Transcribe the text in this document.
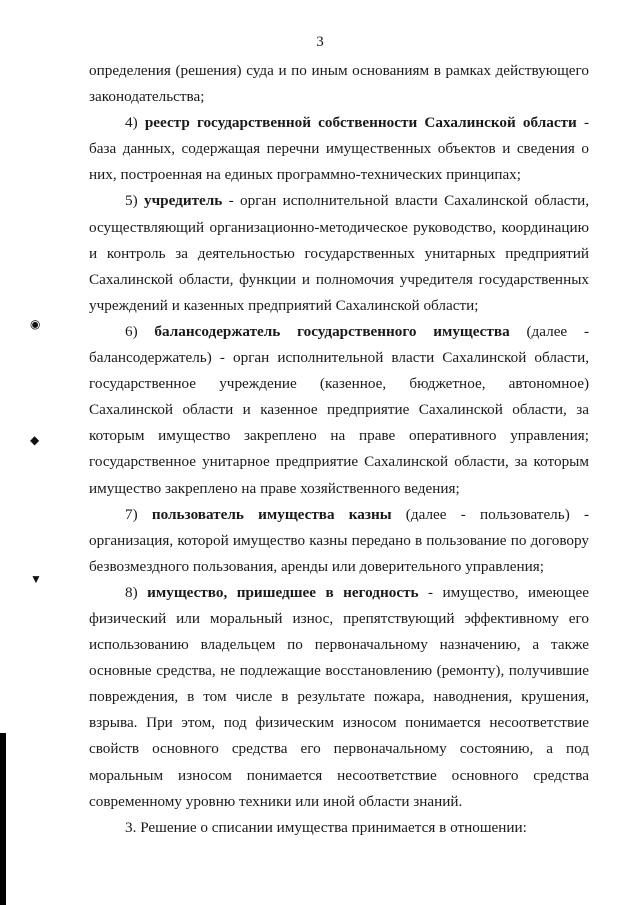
3

определения (решения) суда и по иным основаниям в рамках действующего законодательства;

4) реестр государственной собственности Сахалинской области - база данных, содержащая перечни имущественных объектов и сведения о них, построенная на единых программно-технических принципах;

5) учредитель - орган исполнительной власти Сахалинской области, осуществляющий организационно-методическое руководство, координацию и контроль за деятельностью государственных унитарных предприятий Сахалинской области, функции и полномочия учредителя государственных учреждений и казенных предприятий Сахалинской области;

6) балансодержатель государственного имущества (далее - балансодержатель) - орган исполнительной власти Сахалинской области, государственное учреждение (казенное, бюджетное, автономное) Сахалинской области и казенное предприятие Сахалинской области, за которым имущество закреплено на праве оперативного управления; государственное унитарное предприятие Сахалинской области, за которым имущество закреплено на праве хозяйственного ведения;

7) пользователь имущества казны (далее - пользователь) - организация, которой имущество казны передано в пользование по договору безвозмездного пользования, аренды или доверительного управления;

8) имущество, пришедшее в негодность - имущество, имеющее физический или моральный износ, препятствующий эффективному его использованию владельцем по первоначальному назначению, а также основные средства, не подлежащие восстановлению (ремонту), получившие повреждения, в том числе в результате пожара, наводнения, крушения, взрыва. При этом, под физическим износом понимается несоответствие свойств основного средства его первоначальному состоянию, а под моральным износом понимается несоответствие основного средства современному уровню техники или иной области знаний.

3. Решение о списании имущества принимается в отношении:

◉
◆
▼
